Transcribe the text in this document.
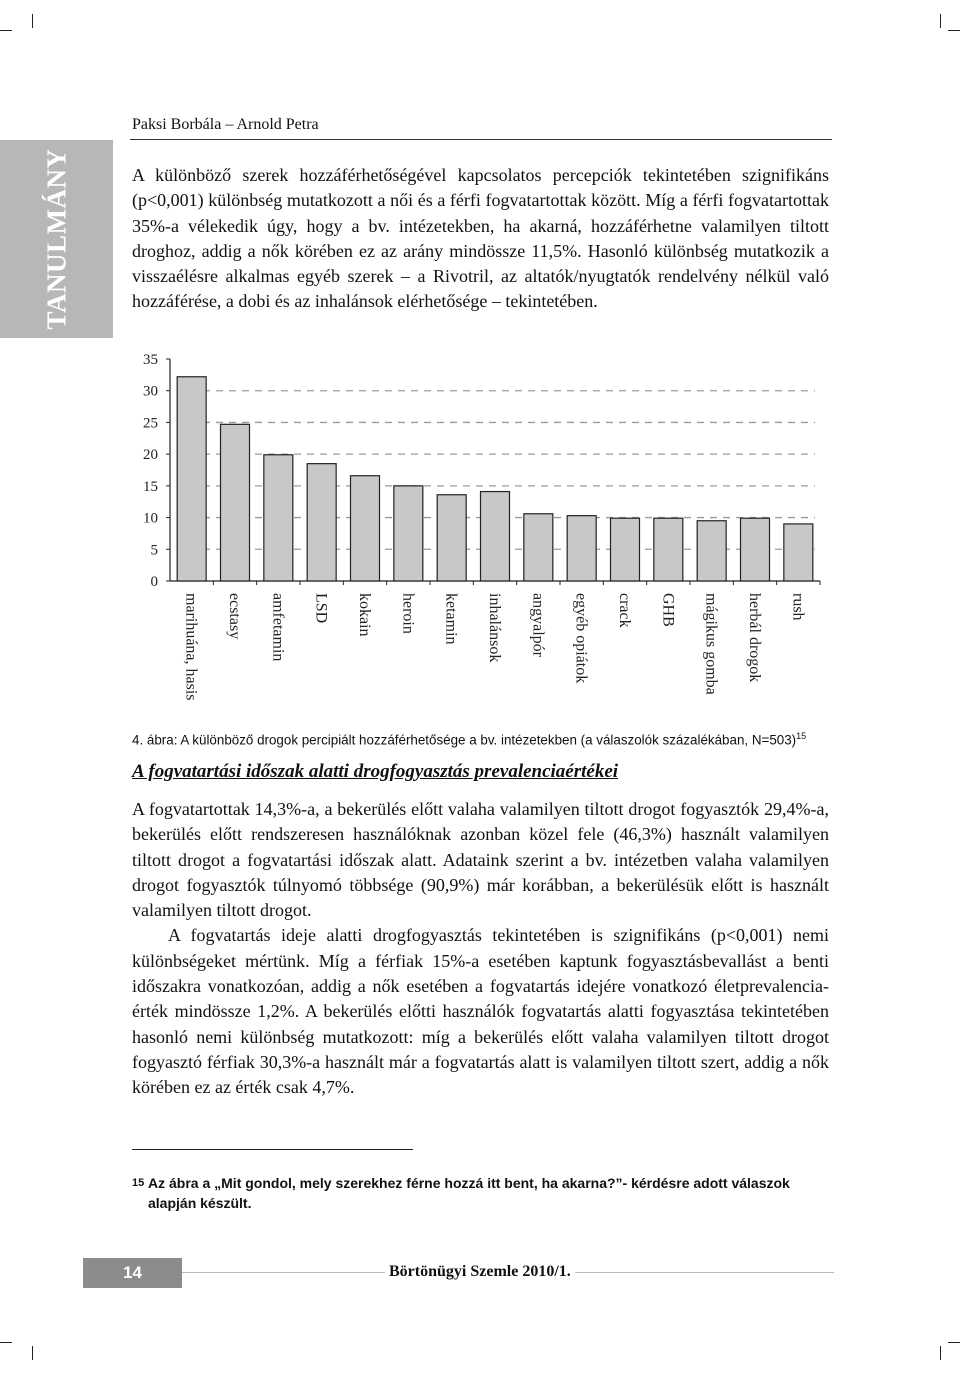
TANULMÁNY
Paksi Borbála – Arnold Petra

A különböző szerek hozzáférhetőségével kapcsolatos percepciók tekintetében szignifikáns (p<0,001) különbség mutatkozott a női és a férfi fogvatartottak között. Míg a férfi fogvatartottak 35%-a vélekedik úgy, hogy a bv. intézetekben, ha akarná, hozzáférhetne valamilyen tiltott droghoz, addig a nők körében ez az arány mindössze 11,5%. Hasonló különbség mutatkozik a visszaélésre alkalmas egyéb szerek – a Rivotril, az altatók/nyugtatók rendelvény nélkül való hozzáférése, a dobi és az inhalánsok elérhetősége – tekintetében.

0
5
10
15
20
25
30
35
marihuána, hasis ecstasy amfetamin LSD kokain heroin ketamin inhalánsok angyalpór egyéb opiátok crack GHB mágikus gomba herbál drogok rush
4. ábra: A különböző drogok percipiált hozzáférhetősége a bv. intézetekben (a válaszolók százalékában, N=503)$^{15}$
A fogvatartási időszak alatti drogfogyasztás prevalenciaértékei

A fogvatartottak 14,3%-a, a bekerülés előtt valaha valamilyen tiltott drogot fogyasztók 29,4%-a, bekerülés előtt rendszeresen használóknak azonban közel fele (46,3%) használt valamilyen tiltott drogot a fogvatartási időszak alatt. Adataink szerint a bv. intézetben valaha valamilyen drogot fogyasztók túlnyomó többsége (90,9%) már korábban, a bekerülésük előtt is használt valamilyen tiltott drogot.

A fogvatartás ideje alatti drogfogyasztás tekintetében is szignifikáns (p<0,001) nemi különbségeket mértünk. Míg a férfiak 15%-a esetében kaptunk fogyasztásbevallást a benti időszakra vonatkozóan, addig a nők esetében a fogvatartás idejére vonatkozó életprevalencia-érték mindössze 1,2%. A bekerülés előtti használók fogvatartás alatti fogyasztása tekintetében hasonló nemi különbség mutatkozott: míg a bekerülés előtt valaha valamilyen tiltott drogot fogyasztó férfiak 30,3%-a használt már a fogvatartás alatt is valamilyen tiltott szert, addig a nők körében ez az érték csak 4,7%.

15 Az ábra a „Mit gondol, mely szerekhez férne hozzá itt bent, ha akarna?”- kérdésre adott válaszok alapján készült.
14	Börtönügyi Szemle 2010/1.
